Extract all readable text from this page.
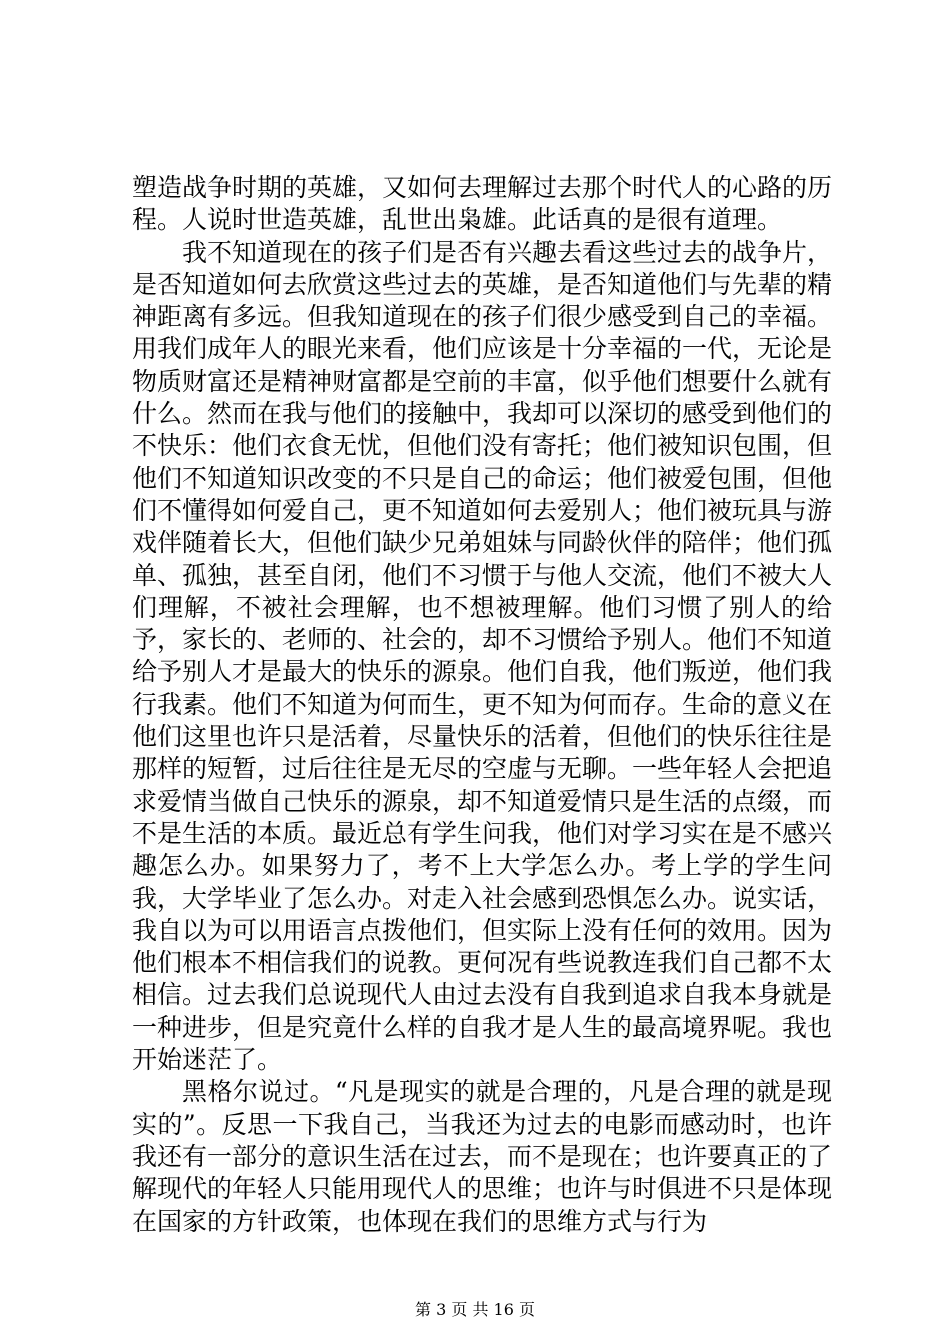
塑造战争时期的英雄，又如何去理解过去那个时代人的心路的历程。人说时世造英雄，乱世出枭雄。此话真的是很有道理。

我不知道现在的孩子们是否有兴趣去看这些过去的战争片，是否知道如何去欣赏这些过去的英雄，是否知道他们与先辈的精神距离有多远。但我知道现在的孩子们很少感受到自己的幸福。用我们成年人的眼光来看，他们应该是十分幸福的一代，无论是物质财富还是精神财富都是空前的丰富，似乎他们想要什么就有什么。然而在我与他们的接触中，我却可以深切的感受到他们的不快乐：他们衣食无忧，但他们没有寄托；他们被知识包围，但他们不知道知识改变的不只是自己的命运；他们被爱包围，但他们不懂得如何爱自己，更不知道如何去爱别人；他们被玩具与游戏伴随着长大，但他们缺少兄弟姐妹与同龄伙伴的陪伴；他们孤单、孤独，甚至自闭，他们不习惯于与他人交流，他们不被大人们理解，不被社会理解，也不想被理解。他们习惯了别人的给予，家长的、老师的、社会的，却不习惯给予别人。他们不知道给予别人才是最大的快乐的源泉。他们自我，他们叛逆，他们我行我素。他们不知道为何而生，更不知为何而存。生命的意义在他们这里也许只是活着，尽量快乐的活着，但他们的快乐往往是那样的短暂，过后往往是无尽的空虚与无聊。一些年轻人会把追求爱情当做自己快乐的源泉，却不知道爱情只是生活的点缀，而不是生活的本质。最近总有学生问我，他们对学习实在是不感兴趣怎么办。如果努力了，考不上大学怎么办。考上学的学生问我，大学毕业了怎么办。对走入社会感到恐惧怎么办。说实话，我自以为可以用语言点拨他们，但实际上没有任何的效用。因为他们根本不相信我们的说教。更何况有些说教连我们自己都不太相信。过去我们总说现代人由过去没有自我到追求自我本身就是一种进步，但是究竟什么样的自我才是人生的最高境界呢。我也开始迷茫了。

黑格尔说过。“凡是现实的就是合理的，凡是合理的就是现实的”。反思一下我自己，当我还为过去的电影而感动时，也许我还有一部分的意识生活在过去，而不是现在；也许要真正的了解现代的年轻人只能用现代人的思维；也许与时俱进不只是体现在国家的方针政策，也体现在我们的思维方式与行为

第 3 页 共 16 页
